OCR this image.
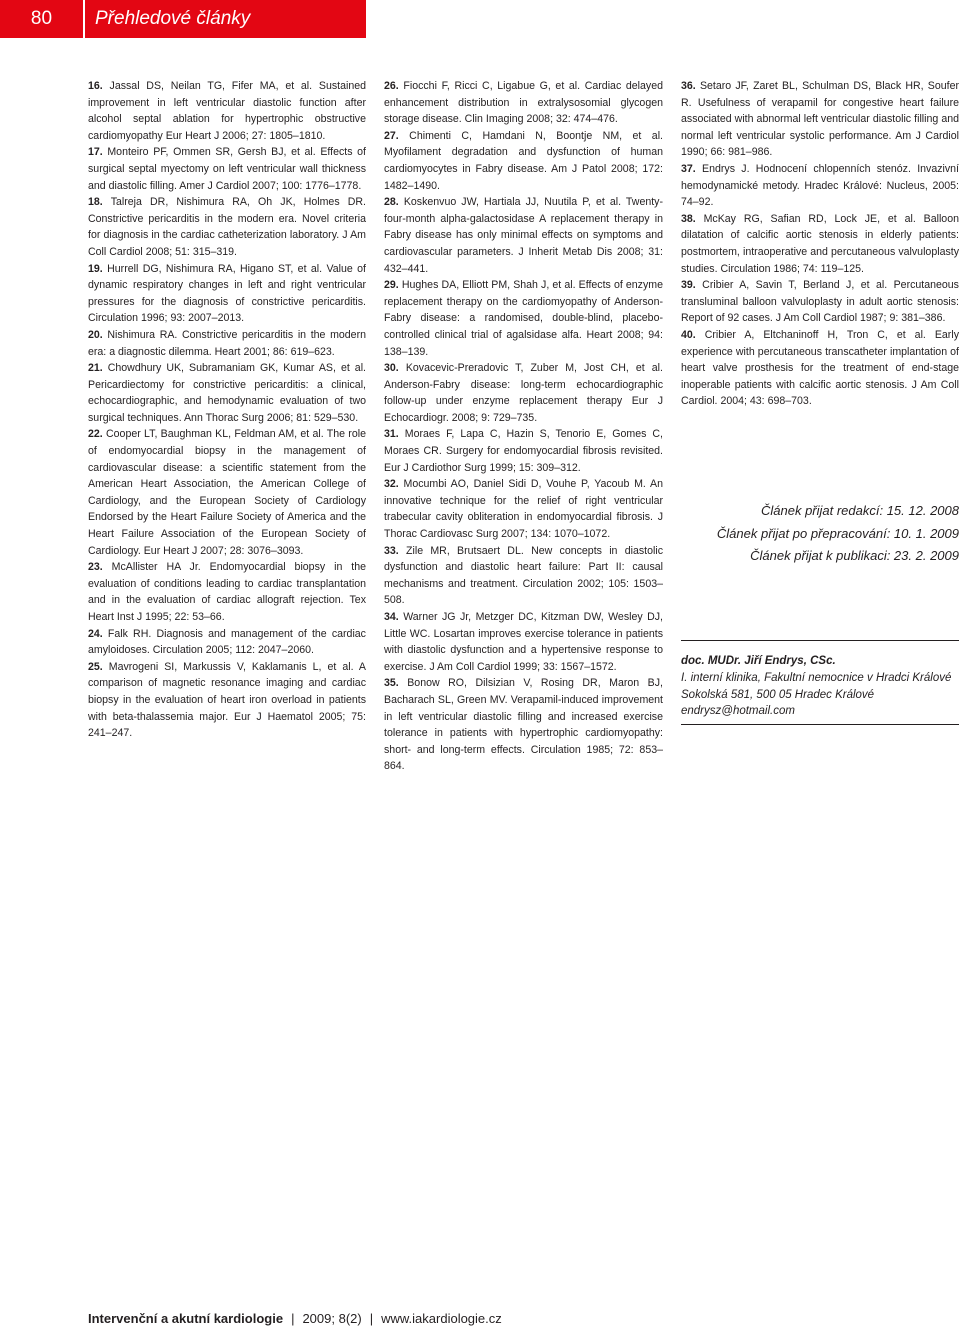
80	Přehledové články

16. Jassal DS, Neilan TG, Fifer MA, et al. Sustained improvement in left ventricular diastolic function after alcohol septal ablation for hypertrophic obstructive cardiomyopathy Eur Heart J 2006; 27: 1805–1810.

17. Monteiro PF, Ommen SR, Gersh BJ, et al. Effects of surgical septal myectomy on left ventricular wall thickness and diastolic filling. Amer J Cardiol 2007; 100: 1776–1778.

18. Talreja DR, Nishimura RA, Oh JK, Holmes DR. Constrictive pericarditis in the modern era. Novel criteria for diagnosis in the cardiac catheterization laboratory. J Am Coll Cardiol 2008; 51: 315–319.

19. Hurrell DG, Nishimura RA, Higano ST, et al. Value of dynamic respiratory changes in left and right ventricular pressures for the diagnosis of constrictive pericarditis. Circulation 1996; 93: 2007–2013.

20. Nishimura RA. Constrictive pericarditis in the modern era: a diagnostic dilemma. Heart 2001; 86: 619–623.

21. Chowdhury UK, Subramaniam GK, Kumar AS, et al. Pericardiectomy for constrictive pericarditis: a clinical, echocardiographic, and hemodynamic evaluation of two surgical techniques. Ann Thorac Surg 2006; 81: 529–530.

22. Cooper LT, Baughman KL, Feldman AM, et al. The role of endomyocardial biopsy in the management of cardiovascular disease: a scientific statement from the American Heart Association, the American College of Cardiology, and the European Society of Cardiology Endorsed by the Heart Failure Society of America and the Heart Failure Association of the European Society of Cardiology. Eur Heart J 2007; 28: 3076–3093.

23. McAllister HA Jr. Endomyocardial biopsy in the evaluation of conditions leading to cardiac transplantation and in the evaluation of cardiac allograft rejection. Tex Heart Inst J 1995; 22: 53–66.

24. Falk RH. Diagnosis and management of the cardiac amyloidoses. Circulation 2005; 112: 2047–2060.

25. Mavrogeni SI, Markussis V, Kaklamanis L, et al. A comparison of magnetic resonance imaging and cardiac biopsy in the evaluation of heart iron overload in patients with beta-thalassemia major. Eur J Haematol 2005; 75: 241–247.

26. Fiocchi F, Ricci C, Ligabue G, et al. Cardiac delayed enhancement distribution in extralysosomial glycogen storage disease. Clin Imaging 2008; 32: 474–476.

27. Chimenti C, Hamdani N, Boontje NM, et al. Myofilament degradation and dysfunction of human cardiomyocytes in Fabry disease. Am J Patol 2008; 172: 1482–1490.

28. Koskenvuo JW, Hartiala JJ, Nuutila P, et al. Twenty-four-month alpha-galactosidase A replacement therapy in Fabry disease has only minimal effects on symptoms and cardiovascular parameters. J Inherit Metab Dis 2008; 31: 432–441.

29. Hughes DA, Elliott PM, Shah J, et al. Effects of enzyme replacement therapy on the cardiomyopathy of Anderson-Fabry disease: a randomised, double-blind, placebo-controlled clinical trial of agalsidase alfa. Heart 2008; 94: 138–139.

30. Kovacevic-Preradovic T, Zuber M, Jost CH, et al. Anderson-Fabry disease: long-term echocardiographic follow-up under enzyme replacement therapy Eur J Echocardiogr. 2008; 9: 729–735.

31. Moraes F, Lapa C, Hazin S, Tenorio E, Gomes C, Moraes CR. Surgery for endomyocardial fibrosis revisited. Eur J Cardiothor Surg 1999; 15: 309–312.

32. Mocumbi AO, Daniel Sidi D, Vouhe P, Yacoub M. An innovative technique for the relief of right ventricular trabecular cavity obliteration in endomyocardial fibrosis. J Thorac Cardiovasc Surg 2007; 134: 1070–1072.

33. Zile MR, Brutsaert DL. New concepts in diastolic dysfunction and diastolic heart failure: Part II: causal mechanisms and treatment. Circulation 2002; 105: 1503–508.

34. Warner JG Jr, Metzger DC, Kitzman DW, Wesley DJ, Little WC. Losartan improves exercise tolerance in patients with diastolic dysfunction and a hypertensive response to exercise. J Am Coll Cardiol 1999; 33: 1567–1572.

35. Bonow RO, Dilsizian V, Rosing DR, Maron BJ, Bacharach SL, Green MV. Verapamil-induced improvement in left ventricular diastolic filling and increased exercise tolerance in patients with hypertrophic cardiomyopathy: short- and long-term effects. Circulation 1985; 72: 853–864.

36. Setaro JF, Zaret BL, Schulman DS, Black HR, Soufer R. Usefulness of verapamil for congestive heart failure associated with abnormal left ventricular diastolic filling and normal left ventricular systolic performance. Am J Cardiol 1990; 66: 981–986.

37. Endrys J. Hodnocení chlopenních stenóz. Invazivní hemodynamické metody. Hradec Králové: Nucleus, 2005: 74–92.

38. McKay RG, Safian RD, Lock JE, et al. Balloon dilatation of calcific aortic stenosis in elderly patients: postmortem, intraoperative and percutaneous valvuloplasty studies. Circulation 1986; 74: 119–125.

39. Cribier A, Savin T, Berland J, et al. Percutaneous transluminal balloon valvuloplasty in adult aortic stenosis: Report of 92 cases. J Am Coll Cardiol 1987; 9: 381–386.

40. Cribier A, Eltchaninoff H, Tron C, et al. Early experience with percutaneous transcatheter implantation of heart valve prosthesis for the treatment of end-stage inoperable patients with calcific aortic stenosis. J Am Coll Cardiol. 2004; 43: 698–703.

Článek přijat redakcí: 15. 12. 2008
Článek přijat po přepracování: 10. 1. 2009
Článek přijat k publikaci: 23. 2. 2009
doc. MUDr. Jiří Endrys, CSc.
I. interní klinika, Fakultní nemocnice v Hradci Králové
Sokolská 581, 500 05 Hradec Králové
endrysz@hotmail.com
Intervenční a akutní kardiologie | 2009; 8(2) | www.iakardiologie.cz
